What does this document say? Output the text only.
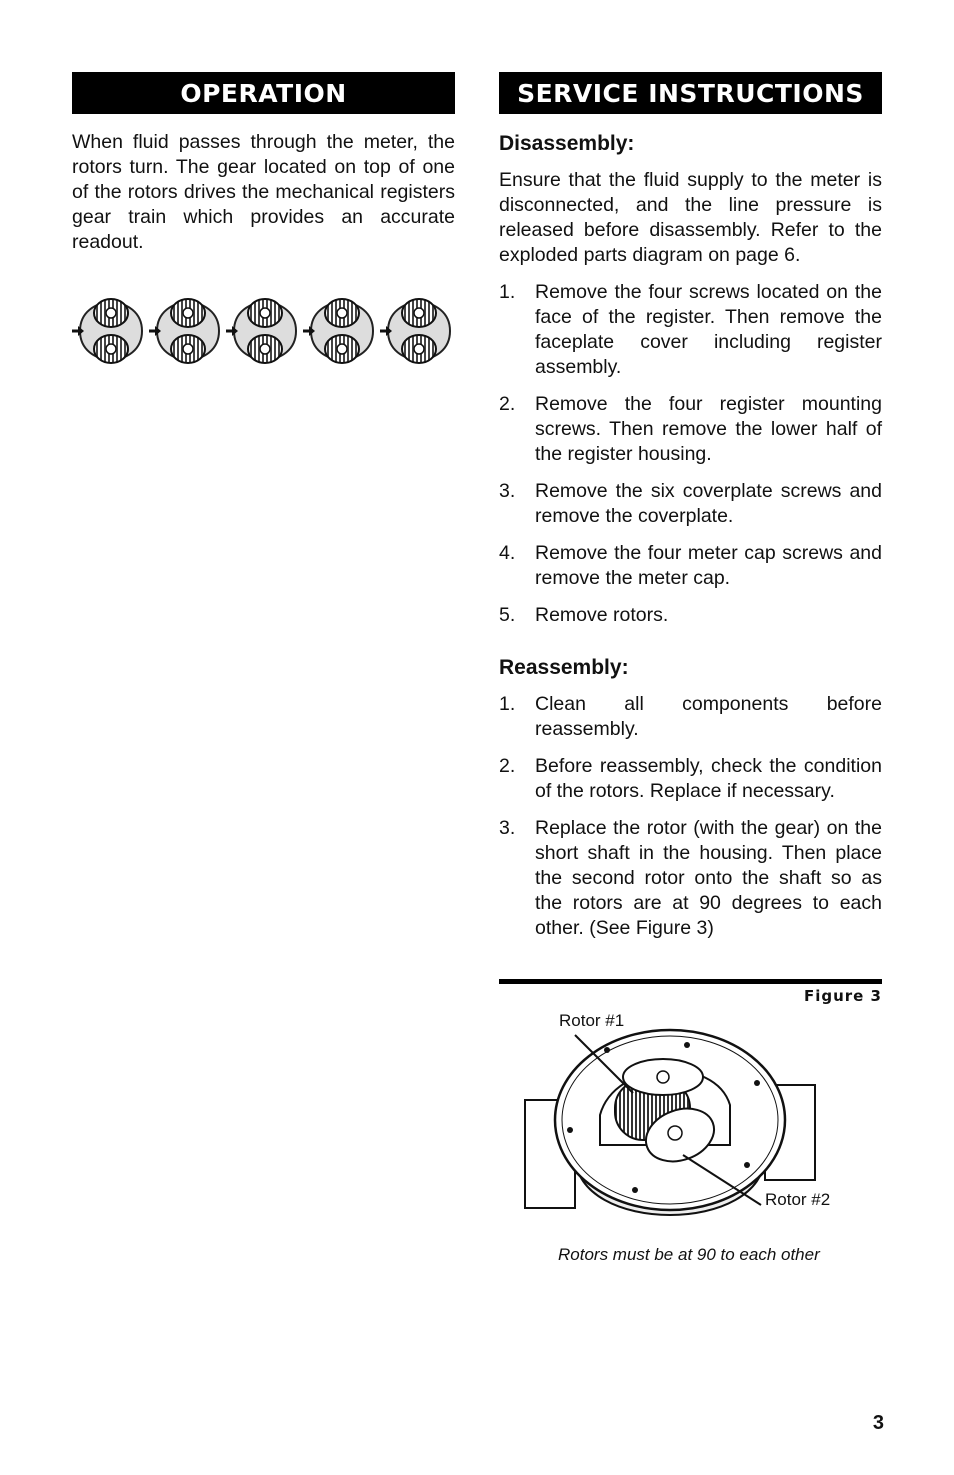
OPERATION

When fluid passes through the meter, the rotors turn. The gear located on top of one of the rotors drives the mechanical registers gear train which provides an accurate readout.

SERVICE INSTRUCTIONS
Disassembly:

Ensure that the fluid supply to the meter is disconnected, and the line pressure is released before disassembly. Refer to the exploded parts diagram on page 6.

1. Remove the four screws located on the face of the register. Then remove the faceplate cover including register assembly.
2. Remove the four register mounting screws. Then remove the lower half of the register housing.
3. Remove the six coverplate screws and remove the coverplate.
4. Remove the four meter cap screws and remove the meter cap.
5. Remove rotors.
Reassembly:
1. Clean all components before reassembly.
2. Before reassembly, check the condition of the rotors. Replace if necessary.
3. Replace the rotor (with the gear) on the short shaft in the housing. Then place the second rotor onto the shaft so as the rotors are at 90 degrees to each other. (See Figure 3)
Figure 3
Rotor #1
Rotor #2
Rotors must be at 90 to each other
3
